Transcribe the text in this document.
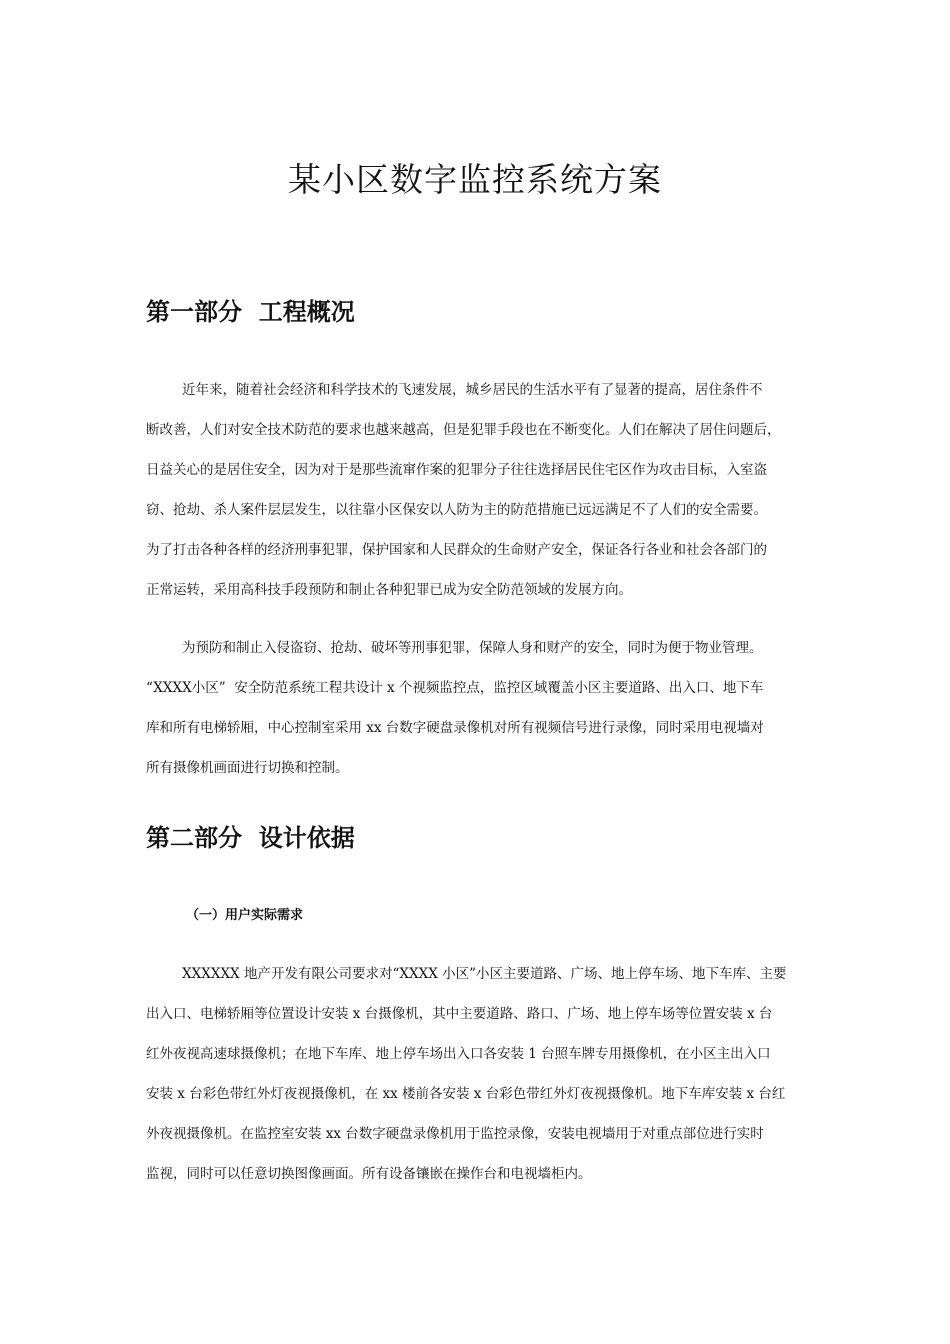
某小区数字监控系统方案
第一部分  工程概况
近年来，随着社会经济和科学技术的飞速发展，城乡居民的生活水平有了显著的提高，居住条件不
断改善，人们对安全技术防范的要求也越来越高，但是犯罪手段也在不断变化。人们在解决了居住问题后，
日益关心的是居住安全，因为对于是那些流窜作案的犯罪分子往往选择居民住宅区作为攻击目标，入室盗
窃、抢劫、杀人案件层层发生，以往靠小区保安以人防为主的防范措施已远远满足不了人们的安全需要。
为了打击各种各样的经济刑事犯罪，保护国家和人民群众的生命财产安全，保证各行各业和社会各部门的
正常运转，采用高科技手段预防和制止各种犯罪已成为安全防范领域的发展方向。
为预防和制止入侵盗窃、抢劫、破坏等刑事犯罪，保障人身和财产的安全，同时为便于物业管理。
“XXXX小区”  安全防范系统工程共设计 x 个视频监控点，监控区域覆盖小区主要道路、出入口、地下车
库和所有电梯轿厢，中心控制室采用 xx 台数字硬盘录像机对所有视频信号进行录像，同时采用电视墙对
所有摄像机画面进行切换和控制。
第二部分  设计依据
（一）用户实际需求
XXXXXX 地产开发有限公司要求对“XXXX 小区”小区主要道路、广场、地上停车场、地下车库、主要
出入口、电梯轿厢等位置设计安装 x 台摄像机，其中主要道路、路口、广场、地上停车场等位置安装 x 台
红外夜视高速球摄像机；在地下车库、地上停车场出入口各安装 1 台照车牌专用摄像机，在小区主出入口
安装 x 台彩色带红外灯夜视摄像机，在 xx 楼前各安装 x 台彩色带红外灯夜视摄像机。地下车库安装 x 台红
外夜视摄像机。在监控室安装 xx 台数字硬盘录像机用于监控录像，安装电视墙用于对重点部位进行实时
监视，同时可以任意切换图像画面。所有设备镶嵌在操作台和电视墙柜内。
